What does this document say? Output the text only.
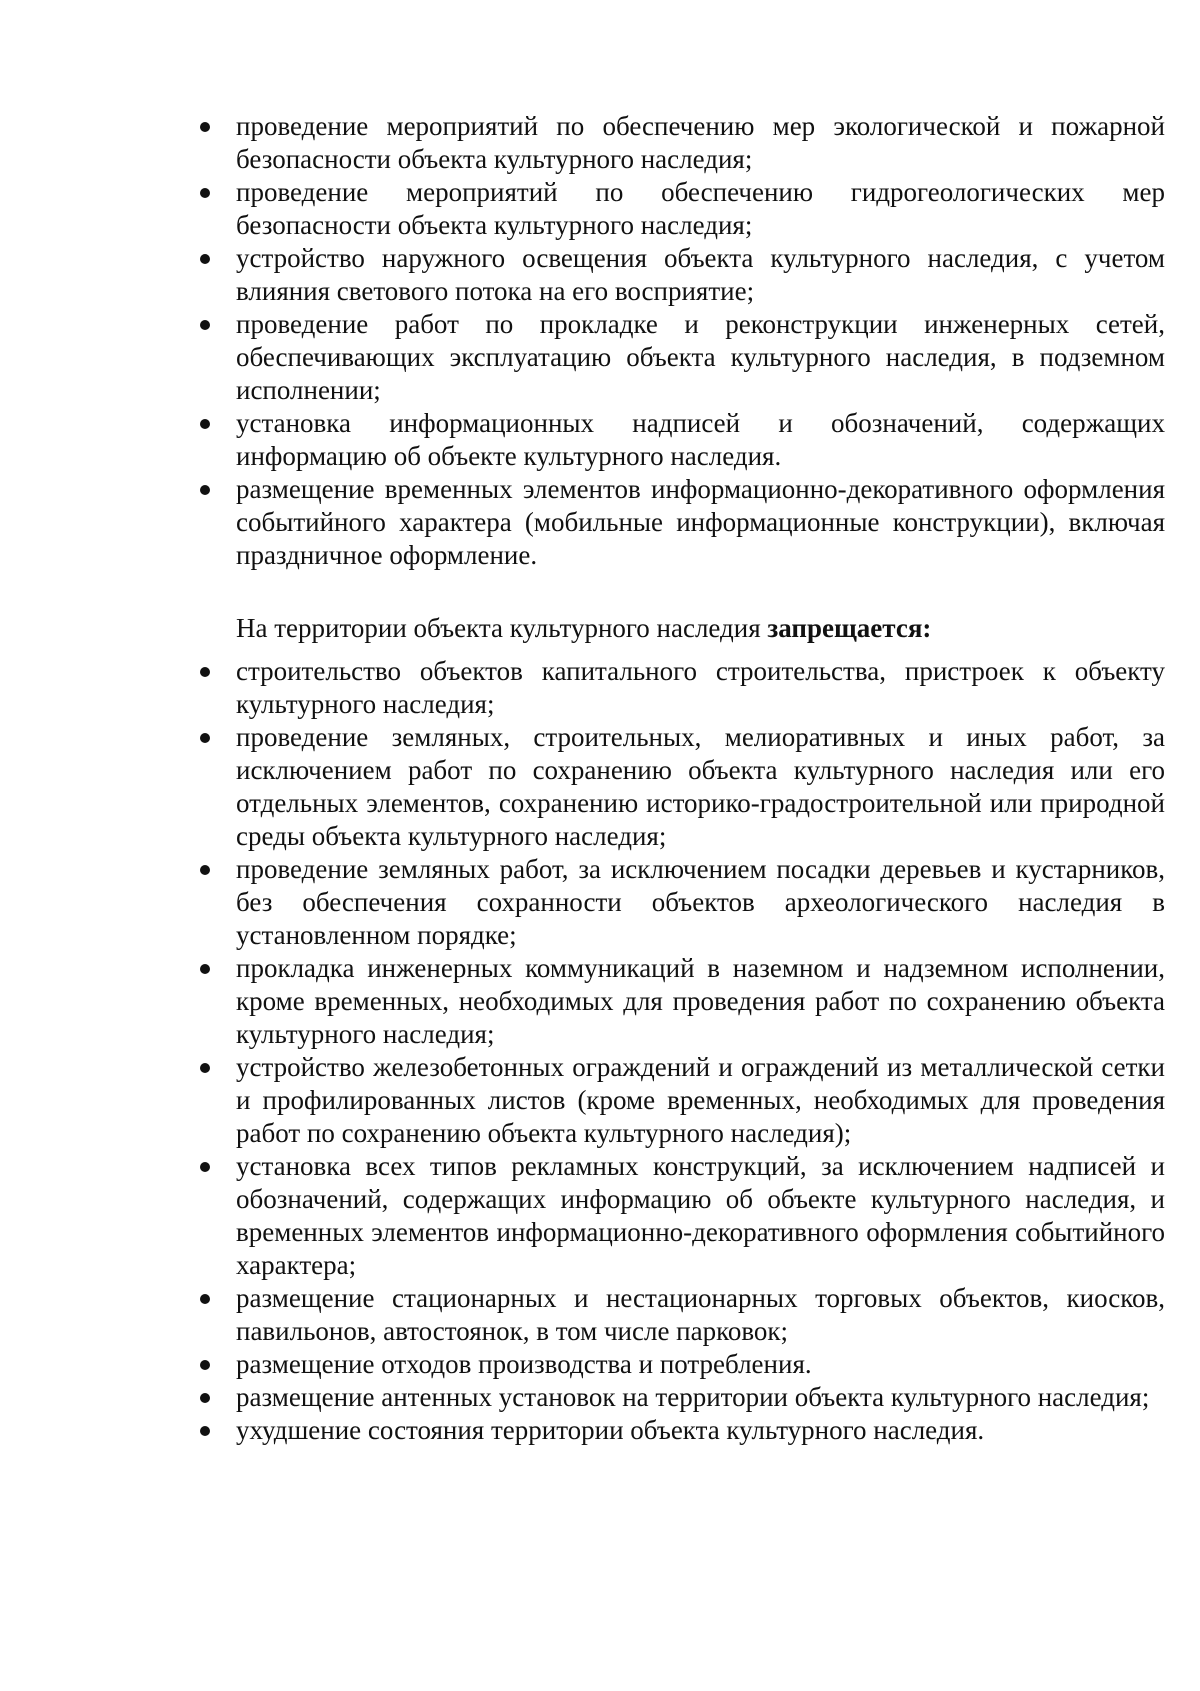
проведение мероприятий по обеспечению мер экологической и пожарной безопасности объекта культурного наследия;
проведение мероприятий по обеспечению гидрогеологических мер безопасности объекта культурного наследия;
устройство наружного освещения объекта культурного наследия, с учетом влияния светового потока на его восприятие;
проведение работ по прокладке и реконструкции инженерных сетей, обеспечивающих эксплуатацию объекта культурного наследия, в подземном исполнении;
установка информационных надписей и обозначений, содержащих информацию об объекте культурного наследия.
размещение временных элементов информационно-декоративного оформления событийного характера (мобильные информационные конструкции), включая праздничное оформление.

На территории объекта культурного наследия запрещается:

строительство объектов капитального строительства, пристроек к объекту культурного наследия;
проведение земляных, строительных, мелиоративных и иных работ, за исключением работ по сохранению объекта культурного наследия или его отдельных элементов, сохранению историко-градостроительной или природной среды объекта культурного наследия;
проведение земляных работ, за исключением посадки деревьев и кустарников, без обеспечения сохранности объектов археологического наследия в установленном порядке;
прокладка инженерных коммуникаций в наземном и надземном исполнении, кроме временных, необходимых для проведения работ по сохранению объекта культурного наследия;
устройство железобетонных ограждений и ограждений из металлической сетки и профилированных листов (кроме временных, необходимых для проведения работ по сохранению объекта культурного наследия);
установка всех типов рекламных конструкций, за исключением надписей и обозначений, содержащих информацию об объекте культурного наследия, и временных элементов информационно-декоративного оформления событийного характера;
размещение стационарных и нестационарных торговых объектов, киосков, павильонов, автостоянок, в том числе парковок;
размещение отходов производства и потребления.
размещение антенных установок на территории объекта культурного наследия;
ухудшение состояния территории объекта культурного наследия.
